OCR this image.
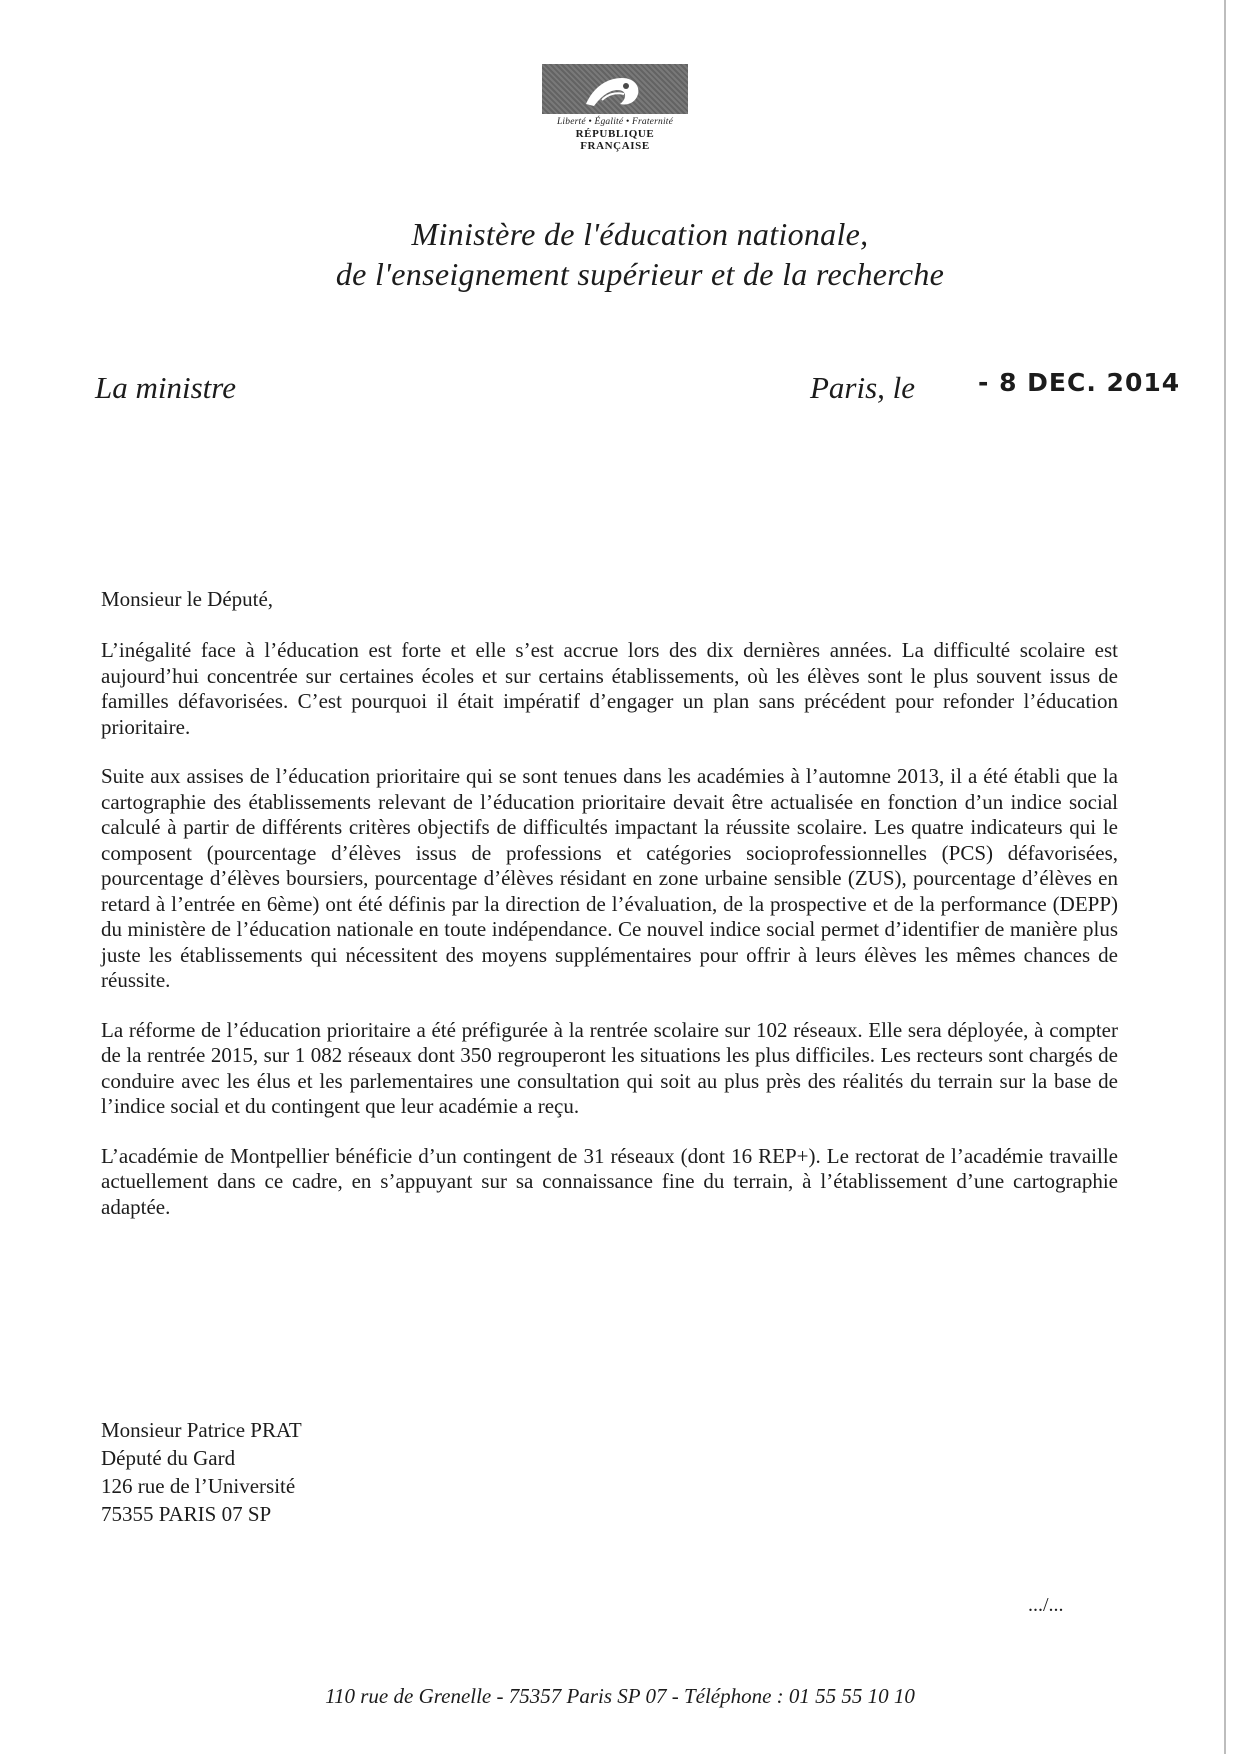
Liberté • Égalité • Fraternité
RÉPUBLIQUE FRANÇAISE
Ministère de l'éducation nationale,
de l'enseignement supérieur et de la recherche
La ministre	Paris, le	- 8 DEC. 2014
Monsieur le Député,

L’inégalité face à l’éducation est forte et elle s’est accrue lors des dix dernières années. La difficulté scolaire est aujourd’hui concentrée sur certaines écoles et sur certains établissements, où les élèves sont le plus souvent issus de familles défavorisées. C’est pourquoi il était impératif d’engager un plan sans précédent pour refonder l’éducation prioritaire.

Suite aux assises de l’éducation prioritaire qui se sont tenues dans les académies à l’automne 2013, il a été établi que la cartographie des établissements relevant de l’éducation prioritaire devait être actualisée en fonction d’un indice social calculé à partir de différents critères objectifs de difficultés impactant la réussite scolaire. Les quatre indicateurs qui le composent (pourcentage d’élèves issus de professions et catégories socioprofessionnelles (PCS) défavorisées, pourcentage d’élèves boursiers, pourcentage d’élèves résidant en zone urbaine sensible (ZUS), pourcentage d’élèves en retard à l’entrée en 6ème) ont été définis par la direction de l’évaluation, de la prospective et de la performance (DEPP) du ministère de l’éducation nationale en toute indépendance. Ce nouvel indice social permet d’identifier de manière plus juste les établissements qui nécessitent des moyens supplémentaires pour offrir à leurs élèves les mêmes chances de réussite.

La réforme de l’éducation prioritaire a été préfigurée à la rentrée scolaire sur 102 réseaux. Elle sera déployée, à compter de la rentrée 2015, sur 1 082 réseaux dont 350 regrouperont les situations les plus difficiles. Les recteurs sont chargés de conduire avec les élus et les parlementaires une consultation qui soit au plus près des réalités du terrain sur la base de l’indice social et du contingent que leur académie a reçu.

L’académie de Montpellier bénéficie d’un contingent de 31 réseaux (dont 16 REP+). Le rectorat de l’académie travaille actuellement dans ce cadre, en s’appuyant sur sa connaissance fine du terrain, à l’établissement d’une cartographie adaptée.

Monsieur Patrice PRAT
Député du Gard
126 rue de l’Université
75355 PARIS 07 SP
.../...
110 rue de Grenelle - 75357 Paris SP 07 - Téléphone : 01 55 55 10 10
